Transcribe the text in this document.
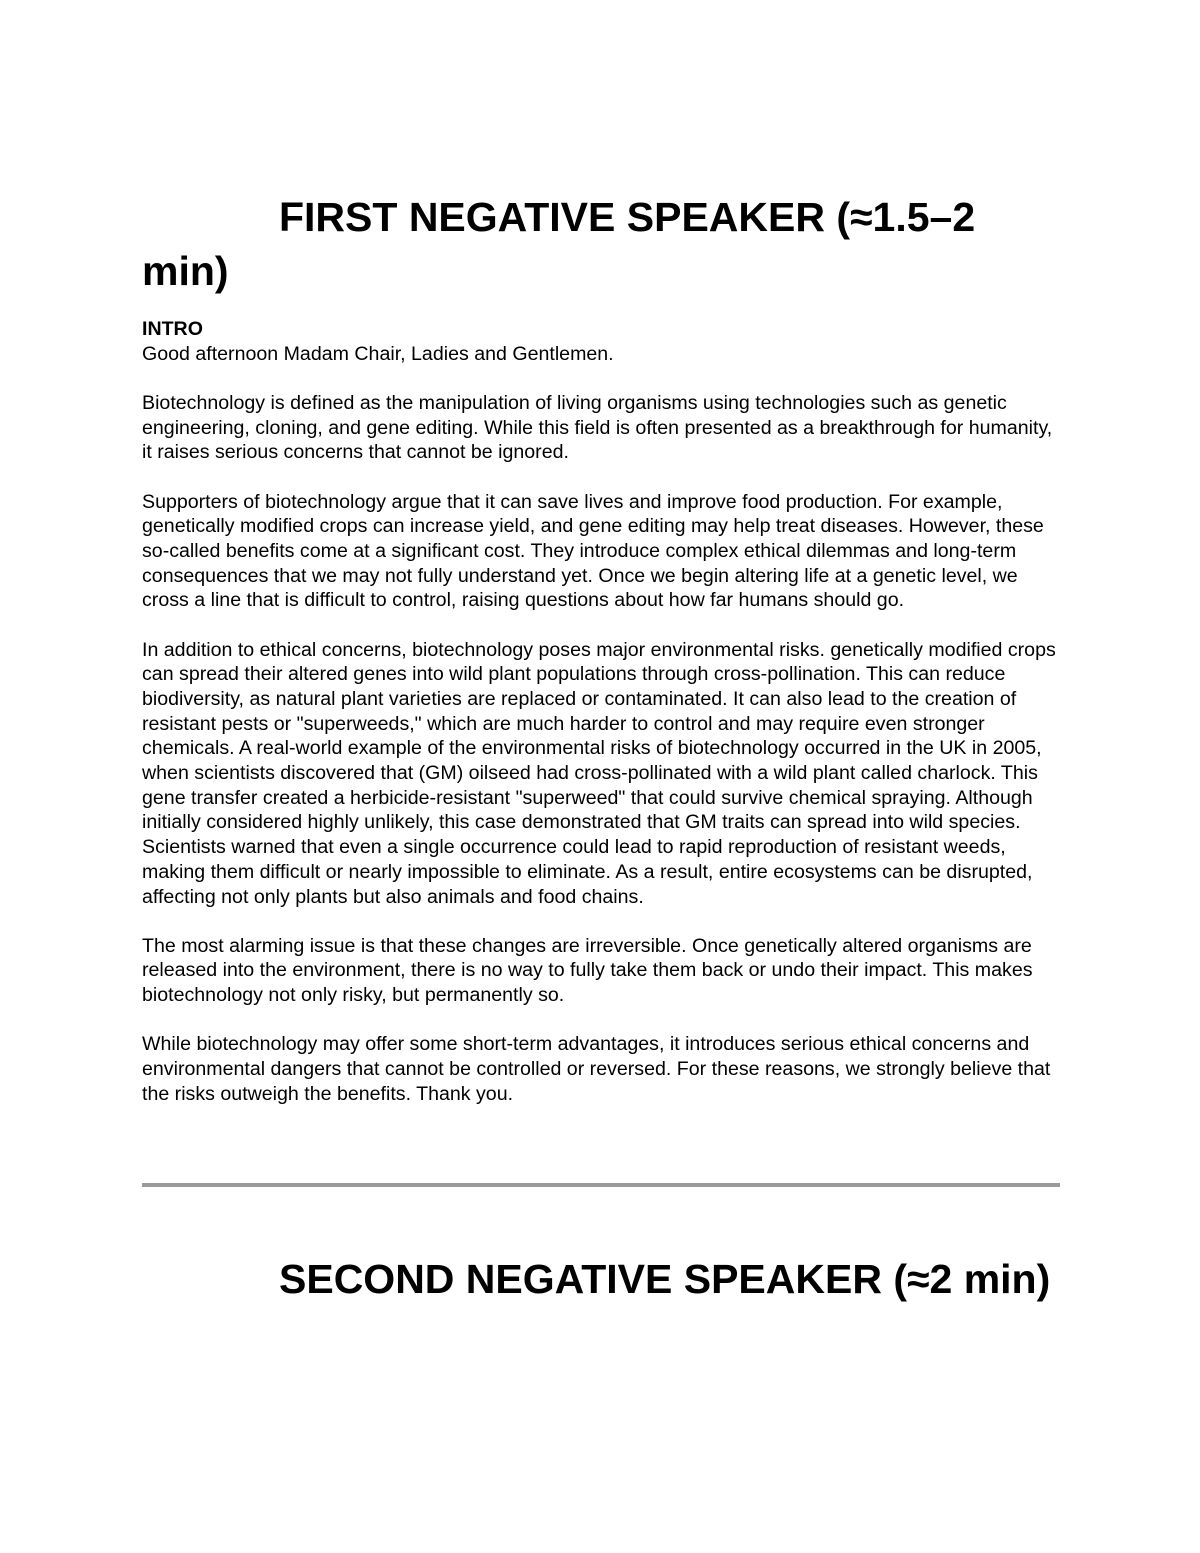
FIRST NEGATIVE SPEAKER (≈1.5–2 min)

INTRO

Good afternoon Madam Chair, Ladies and Gentlemen.

Biotechnology is defined as the manipulation of living organisms using technologies such as genetic engineering, cloning, and gene editing. While this field is often presented as a breakthrough for humanity, it raises serious concerns that cannot be ignored.

Supporters of biotechnology argue that it can save lives and improve food production. For example, genetically modified crops can increase yield, and gene editing may help treat diseases. However, these so-called benefits come at a significant cost. They introduce complex ethical dilemmas and long-term consequences that we may not fully understand yet. Once we begin altering life at a genetic level, we cross a line that is difficult to control, raising questions about how far humans should go.

In addition to ethical concerns, biotechnology poses major environmental risks. genetically modified crops can spread their altered genes into wild plant populations through cross-pollination. This can reduce biodiversity, as natural plant varieties are replaced or contaminated. It can also lead to the creation of resistant pests or "superweeds," which are much harder to control and may require even stronger chemicals. A real-world example of the environmental risks of biotechnology occurred in the UK in 2005, when scientists discovered that (GM) oilseed had cross-pollinated with a wild plant called charlock. This gene transfer created a herbicide-resistant "superweed" that could survive chemical spraying. Although initially considered highly unlikely, this case demonstrated that GM traits can spread into wild species. Scientists warned that even a single occurrence could lead to rapid reproduction of resistant weeds, making them difficult or nearly impossible to eliminate. As a result, entire ecosystems can be disrupted, affecting not only plants but also animals and food chains.

The most alarming issue is that these changes are irreversible. Once genetically altered organisms are released into the environment, there is no way to fully take them back or undo their impact. This makes biotechnology not only risky, but permanently so.

While biotechnology may offer some short-term advantages, it introduces serious ethical concerns and environmental dangers that cannot be controlled or reversed. For these reasons, we strongly believe that the risks outweigh the benefits. Thank you.

SECOND NEGATIVE SPEAKER (≈2 min)
